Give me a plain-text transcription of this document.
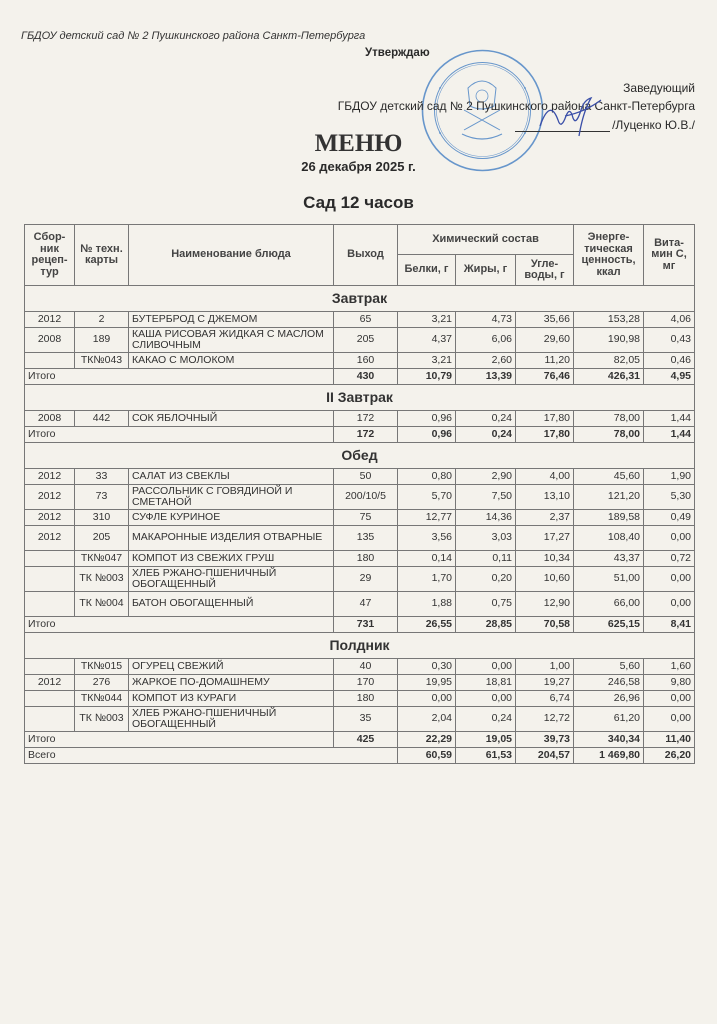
ГБДОУ детский сад № 2 Пушкинского района Санкт-Петербурга
Утверждаю
Заведующий
ГБДОУ детский сад № 2 Пушкинского района Санкт-Петербурга
/Луценко Ю.В./
МЕНЮ
26 декабря 2025 г.
Сад 12 часов
Сбор-ник рецеп-тур	№ техн. карты	Наименование блюда	Выход	Химический состав			Энерге-тическая ценность, ккал	Вита-мин С, мг
				Белки, г	Жиры, г	Угле-воды, г		
Завтрак								
2012	2	БУТЕРБРОД С ДЖЕМОМ	65	3,21	4,73	35,66	153,28	4,06
2008	189	КАША РИСОВАЯ ЖИДКАЯ С МАСЛОМ СЛИВОЧНЫМ	205	4,37	6,06	29,60	190,98	0,43
	ТК№043	КАКАО С МОЛОКОМ	160	3,21	2,60	11,20	82,05	0,46
Итого			430	10,79	13,39	76,46	426,31	4,95
II Завтрак								
2008	442	СОК ЯБЛОЧНЫЙ	172	0,96	0,24	17,80	78,00	1,44
Итого			172	0,96	0,24	17,80	78,00	1,44
Обед								
2012	33	САЛАТ ИЗ СВЕКЛЫ	50	0,80	2,90	4,00	45,60	1,90
2012	73	РАССОЛЬНИК С ГОВЯДИНОЙ И СМЕТАНОЙ	200/10/5	5,70	7,50	13,10	121,20	5,30
2012	310	СУФЛЕ КУРИНОЕ	75	12,77	14,36	2,37	189,58	0,49
2012	205	МАКАРОННЫЕ ИЗДЕЛИЯ ОТВАРНЫЕ	135	3,56	3,03	17,27	108,40	0,00
	ТК№047	КОМПОТ ИЗ СВЕЖИХ ГРУШ	180	0,14	0,11	10,34	43,37	0,72
	ТК №003	ХЛЕБ РЖАНО-ПШЕНИЧНЫЙ ОБОГАЩЕННЫЙ	29	1,70	0,20	10,60	51,00	0,00
	ТК №004	БАТОН ОБОГАЩЕННЫЙ	47	1,88	0,75	12,90	66,00	0,00
Итого			731	26,55	28,85	70,58	625,15	8,41
Полдник								
	ТК№015	ОГУРЕЦ СВЕЖИЙ	40	0,30	0,00	1,00	5,60	1,60
2012	276	ЖАРКОЕ ПО-ДОМАШНЕМУ	170	19,95	18,81	19,27	246,58	9,80
	ТК№044	КОМПОТ ИЗ КУРАГИ	180	0,00	0,00	6,74	26,96	0,00
	ТК №003	ХЛЕБ РЖАНО-ПШЕНИЧНЫЙ ОБОГАЩЕННЫЙ	35	2,04	0,24	12,72	61,20	0,00
Итого			425	22,29	19,05	39,73	340,34	11,40
Всего				60,59	61,53	204,57	1 469,80	26,20
